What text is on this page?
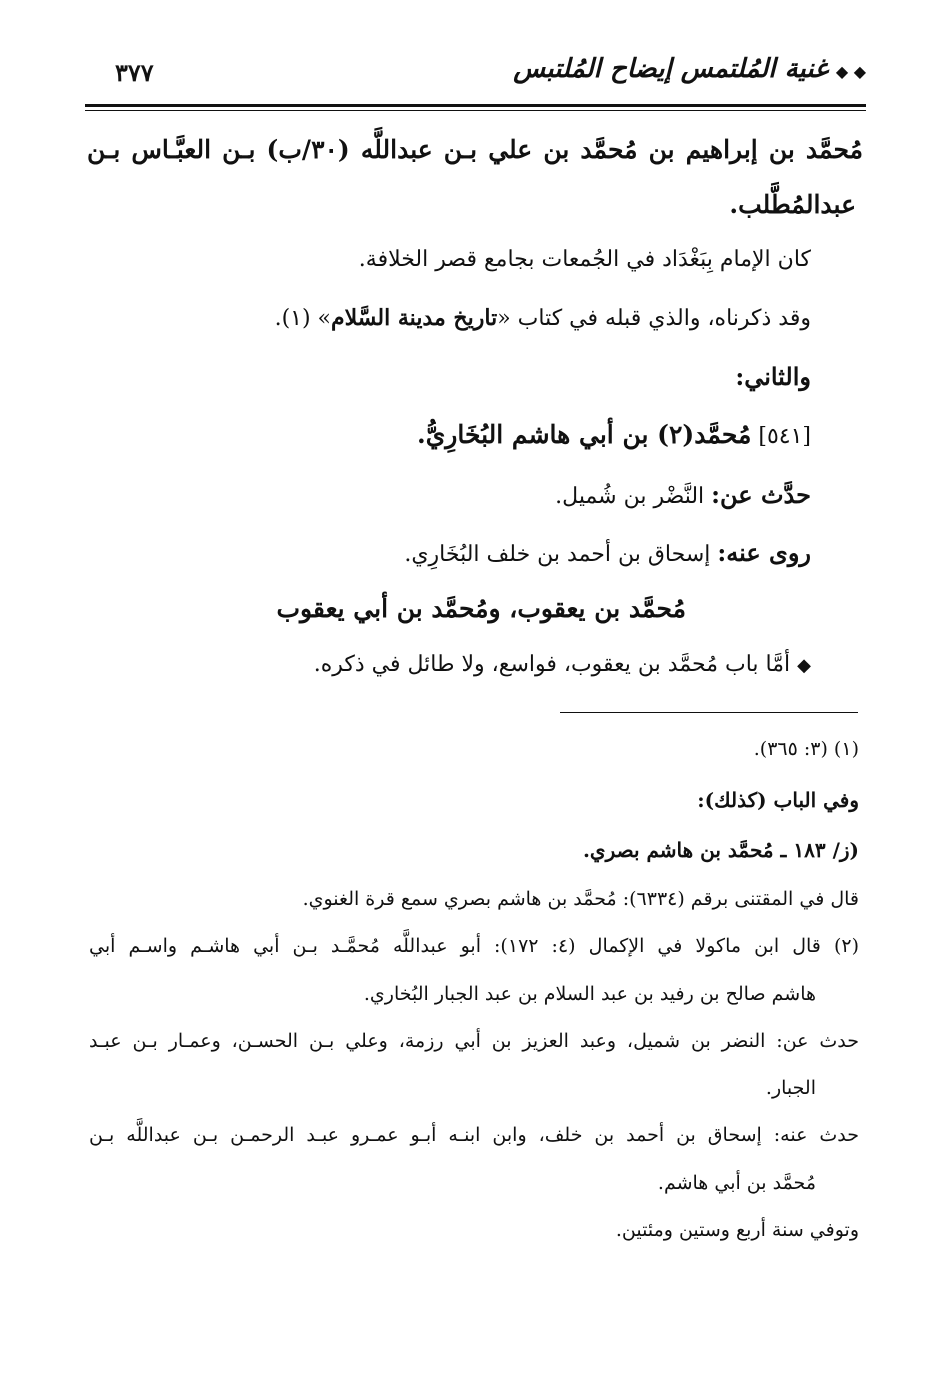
◆ ◆غنية المُلتمس إيضاح المُلتبس
٣٧٧
مُحمَّد بن إبراهيم بن مُحمَّد بن علي بـن عبداللَّه (٣٠/ب) بـن العبَّـاس بـن
عبدالمُطَّلب.
كان الإمام بِبَغْدَاد في الجُمعات بجامع قصر الخلافة.
وقد ذكرناه، والذي قبله في كتاب «تاريخ مدينة السَّلام» (١).
والثاني:
[٥٤١] مُحمَّد(٢) بن أبي هاشم البُخَارِيُّ.
حدَّث عن: النَّضْر بن شُميل.
روى عنه: إسحاق بن أحمد بن خلف البُخَارِي.
مُحمَّد بن يعقوب، ومُحمَّد بن أبي يعقوب
◆ أمَّا باب مُحمَّد بن يعقوب، فواسع، ولا طائل في ذكره.
(١) (٣: ٣٦٥).
وفي الباب (كذلك):
(ز/ ١٨٣ ـ مُحمَّد بن هاشم بصري.
قال في المقتنى برقم (٦٣٣٤): مُحمَّد بن هاشم بصري سمع قرة الغنوي.
(٢) قال ابن ماكولا في الإكمال (٤: ١٧٢): أبو عبداللَّه مُحمَّـد بـن أبي هاشـم واسـم أبي
هاشم صالح بن رفيد بن عبد السلام بن عبد الجبار البُخاري.
حدث عن: النضر بن شميل، وعبد العزيز بن أبي رزمة، وعلي بـن الحسـن، وعمـار بـن عبـد
الجبار.
حدث عنه: إسحاق بن أحمد بن خلف، وابن ابنـه أبـو عمـرو عبـد الرحمـن بـن عبداللَّه بـن
مُحمَّد بن أبي هاشم.
وتوفي سنة أربع وستين ومئتين.
